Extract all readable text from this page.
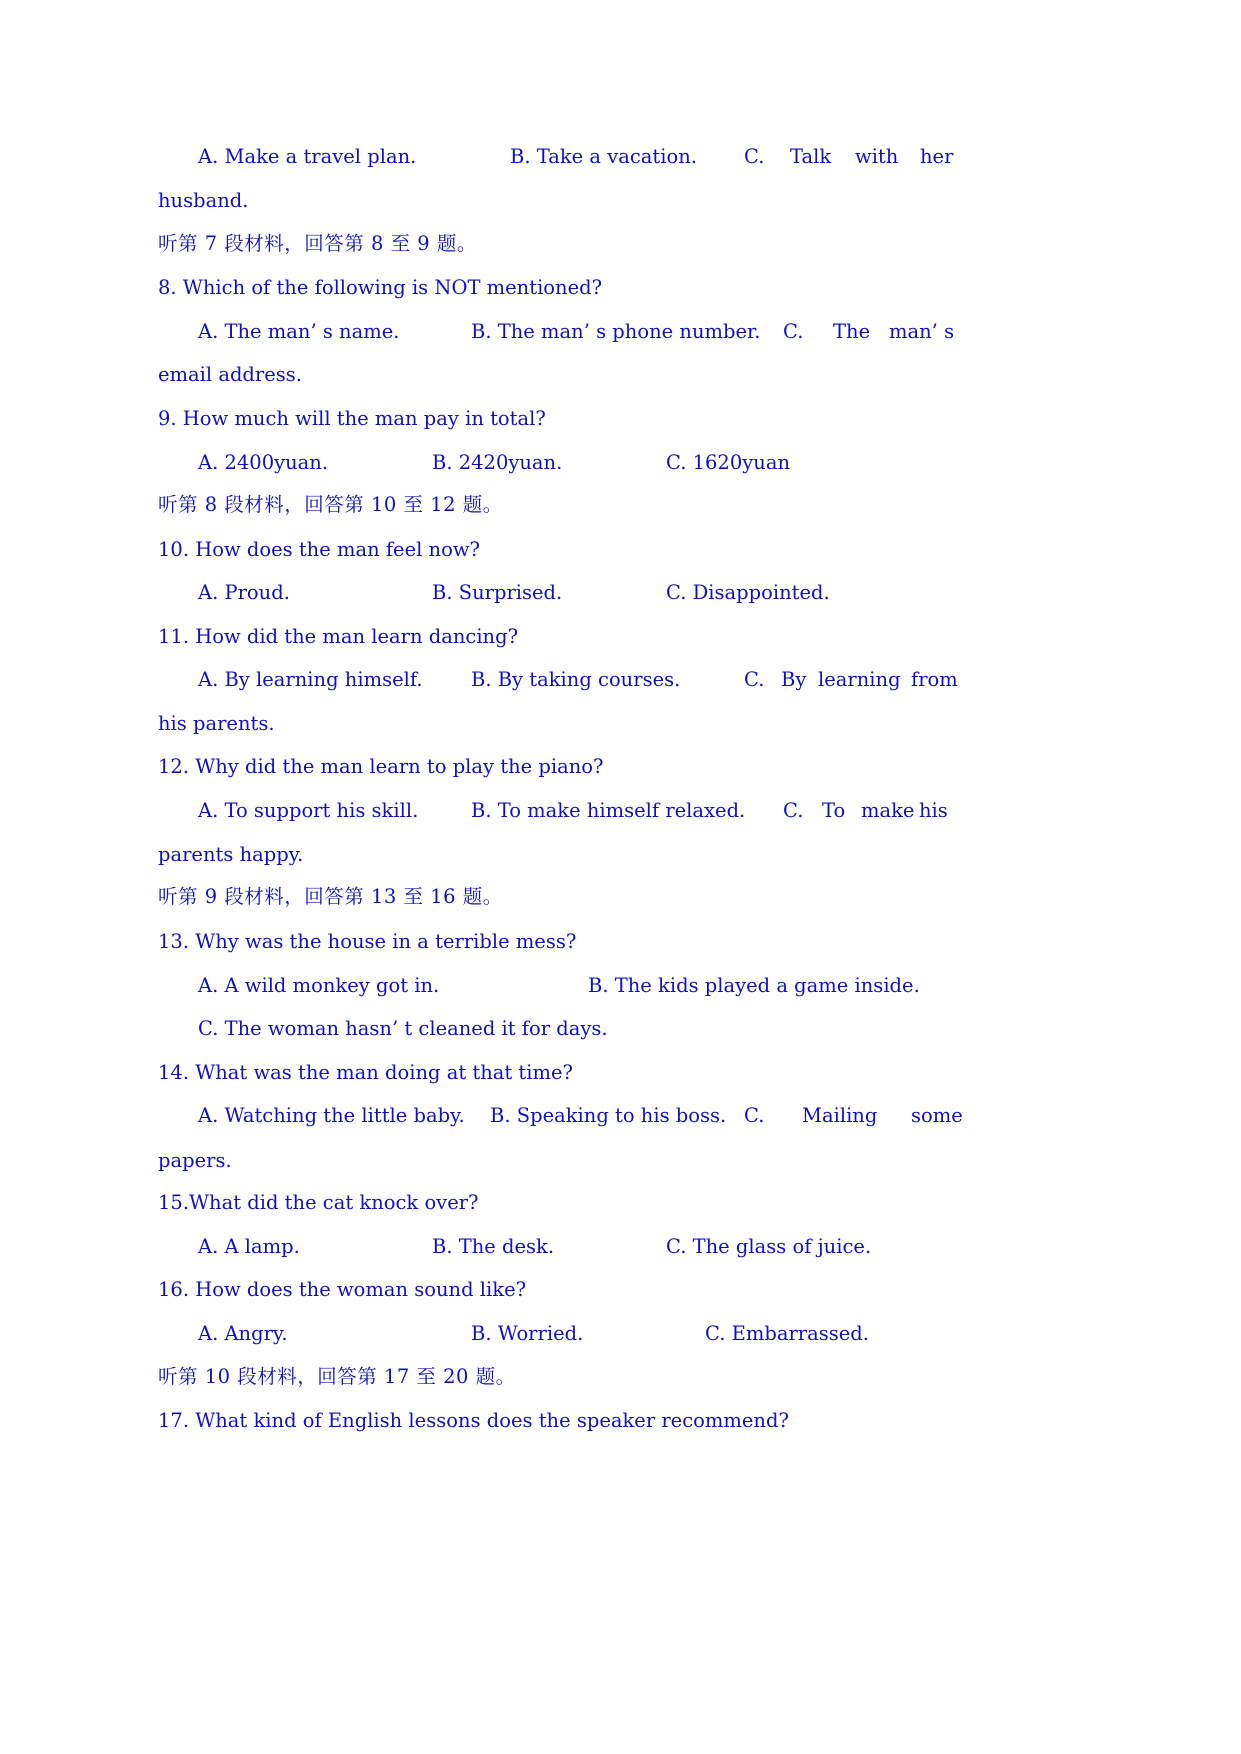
A. Make a travel plan.	B. Take a vacation. C. Talk with her
husband.
听第 7 段材料，回答第 8 至 9 题。
8. Which of the following is NOT mentioned?
A. The man’ s name.	B. The man’ s phone number. C. The man’ s
email address.
9. How much will the man pay in total?
A. 2400yuan.	B. 2420yuan.	C. 1620yuan
听第 8 段材料，回答第 10 至 12 题。
10. How does the man feel now?
A. Proud.	B. Surprised.	C. Disappointed.
11. How did the man learn dancing?
A. By learning himself. B. By taking courses.	C. By learning from
his parents.
12. Why did the man learn to play the piano?
A. To support his skill.	B. To make himself relaxed. C. To make his
parents happy.
听第 9 段材料，回答第 13 至 16 题。
13. Why was the house in a terrible mess?
A. A wild monkey got in.	B. The kids played a game inside.
C. The woman hasn’ t cleaned it for days.
14. What was the man doing at that time?
A. Watching the little baby. B. Speaking to his boss. C. Mailing some
papers.
15.What did the cat knock over?
A. A lamp.	B. The desk.	C. The glass of juice.
16. How does the woman sound like?
A. Angry.	B. Worried.	C. Embarrassed.
听第 10 段材料，回答第 17 至 20 题。
17. What kind of English lessons does the speaker recommend?
